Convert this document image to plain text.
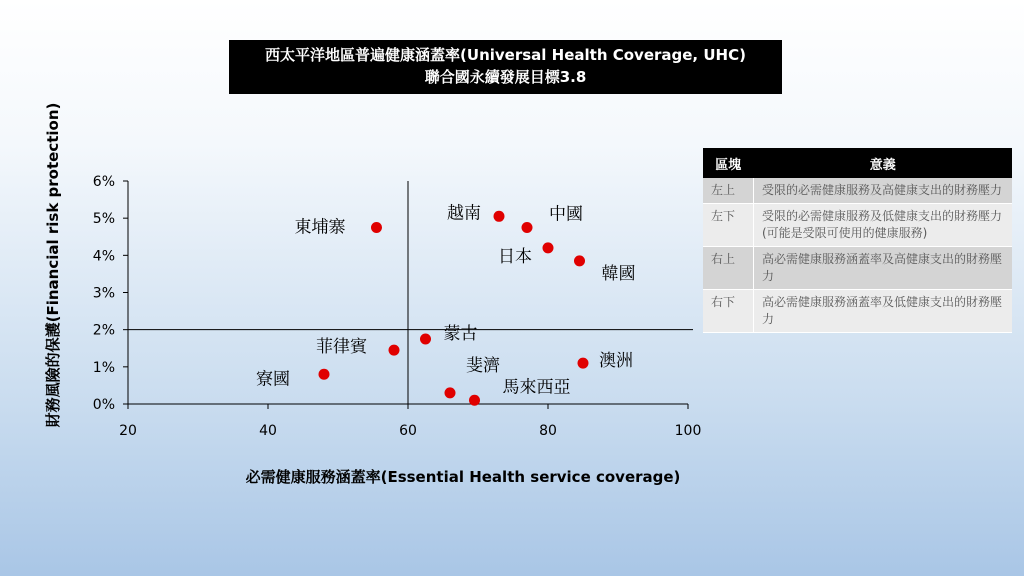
西太平洋地區普遍健康涵蓋率(Universal Health Coverage, UHC)
聯合國永續發展目標3.8
0%
1%
2%
3%
4%
5%
6%
20	40	60	80	100
必需健康服務涵蓋率(Essential Health service coverage)
財務風險的保護(Financial risk protection)	東埔寨
越南	中國
日本
韓國
菲律賓
蒙古
寮國
斐濟
馬來西亞
澳洲
區塊	意義
左上	受限的必需健康服務及高健康支出的財務壓力
左下	受限的必需健康服務及低健康支出的財務壓力 (可能是受限可使用的健康服務)
右上	高必需健康服務涵蓋率及高健康支出的財務壓力
右下	高必需健康服務涵蓋率及低健康支出的財務壓力
